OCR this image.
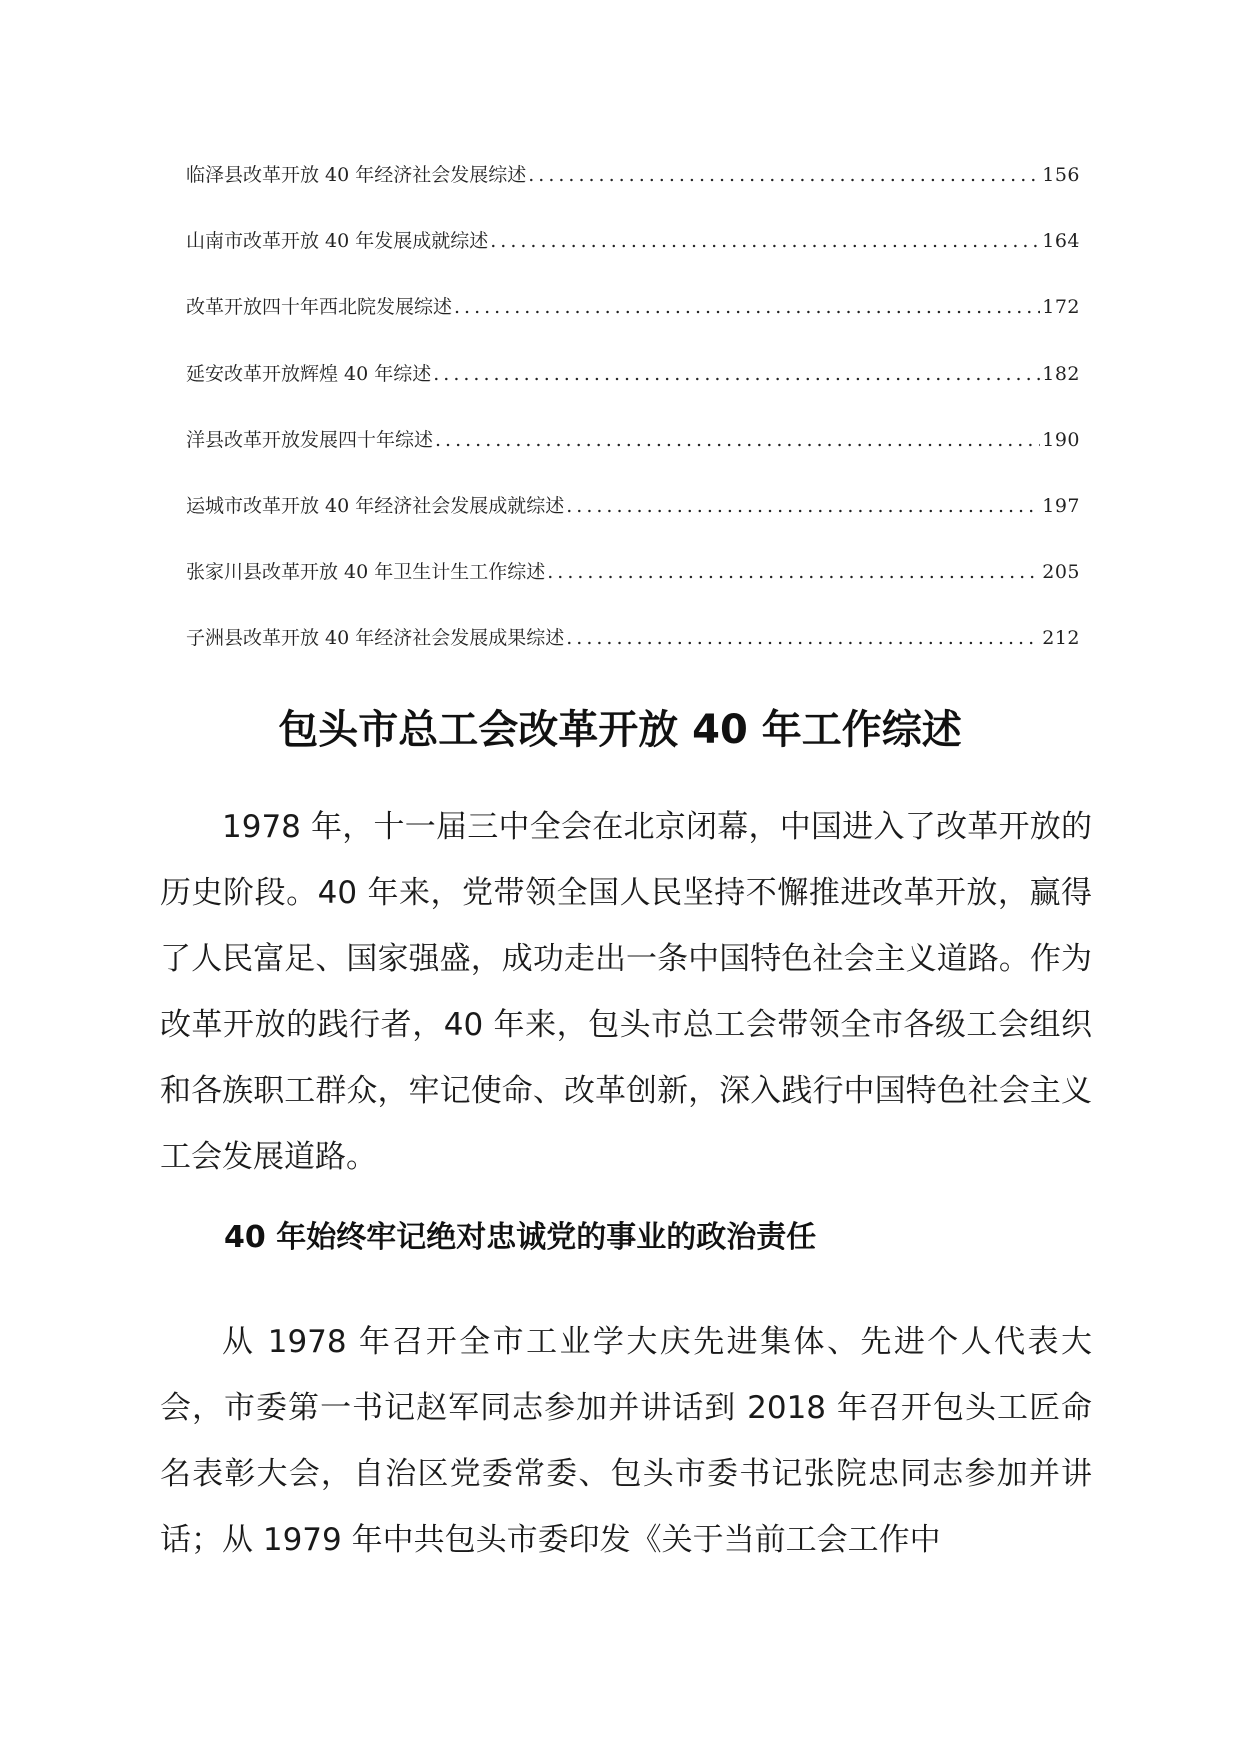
临泽县改革开放 40 年经济社会发展综述 .....	156
山南市改革开放 40 年发展成就综述 .....	164
改革开放四十年西北院发展综述 .....	172
延安改革开放辉煌 40 年综述 .....	182
洋县改革开放发展四十年综述 .....	190
运城市改革开放 40 年经济社会发展成就综述 .....	197
张家川县改革开放 40 年卫生计生工作综述 .....	205
子洲县改革开放 40 年经济社会发展成果综述 .....	212
包头市总工会改革开放 40 年工作综述

1978 年，十一届三中全会在北京闭幕，中国进入了改革开放的历史阶段。40 年来，党带领全国人民坚持不懈推进改革开放，赢得了人民富足、国家强盛，成功走出一条中国特色社会主义道路。作为改革开放的践行者，40 年来，包头市总工会带领全市各级工会组织和各族职工群众，牢记使命、改革创新，深入践行中国特色社会主义工会发展道路。

40 年始终牢记绝对忠诚党的事业的政治责任

从 1978 年召开全市工业学大庆先进集体、先进个人代表大会，市委第一书记赵军同志参加并讲话到 2018 年召开包头工匠命名表彰大会，自治区党委常委、包头市委书记张院忠同志参加并讲话；从 1979 年中共包头市委印发《关于当前工会工作中
